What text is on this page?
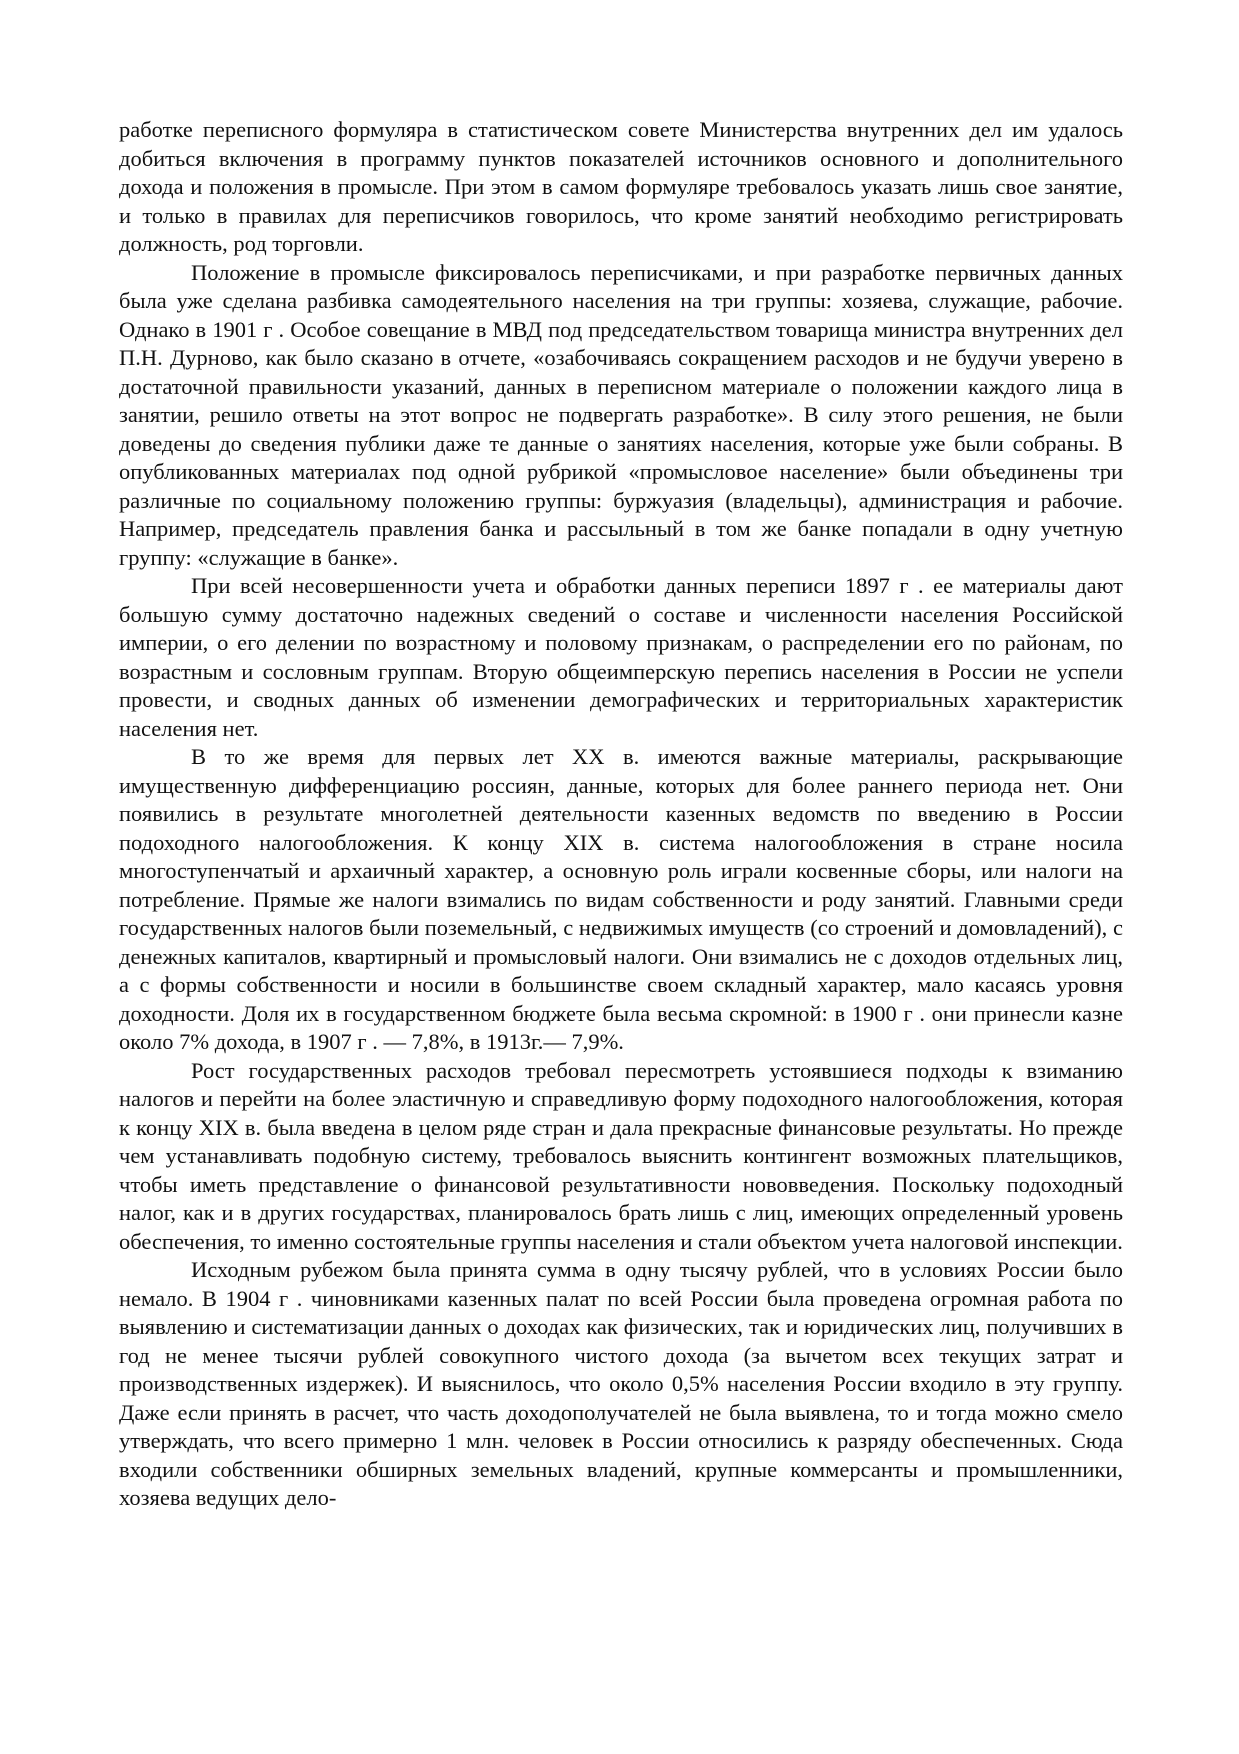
работке переписного формуляра в статистическом совете Министерства внутренних дел им удалось добиться включения в программу пунктов показателей источников основного и дополнительного дохода и положения в промысле. При этом в самом формуляре требовалось указать лишь свое занятие, и только в правилах для переписчиков говорилось, что кроме занятий необходимо регистрировать должность, род торговли.

Положение в промысле фиксировалось переписчиками, и при разработке первичных данных была уже сделана разбивка самодеятельного населения на три группы: хозяева, служащие, рабочие. Однако в 1901 г . Особое совещание в МВД под председательством товарища министра внутренних дел П.Н. Дурново, как было сказано в отчете, «озабочиваясь сокращением расходов и не будучи уверено в достаточной правильности указаний, данных в переписном материале о положении каждого лица в занятии, решило ответы на этот вопрос не подвергать разработке». В силу этого решения, не были доведены до сведения публики даже те данные о занятиях населения, которые уже были собраны. В опубликованных материалах под одной рубрикой «промысловое население» были объединены три различные по социальному положению группы: буржуазия (владельцы), администрация и рабочие. Например, председатель правления банка и рассыльный в том же банке попадали в одну учетную группу: «служащие в банке».

При всей несовершенности учета и обработки данных переписи 1897 г . ее материалы дают большую сумму достаточно надежных сведений о составе и численности населения Российской империи, о его делении по возрастному и половому признакам, о распределении его по районам, по возрастным и сословным группам. Вторую общеимперскую перепись населения в России не успели провести, и сводных данных об изменении демографических и территориальных характеристик населения нет.

В то же время для первых лет XX в. имеются важные материалы, раскрывающие имущественную дифференциацию россиян, данные, которых для более раннего периода нет. Они появились в результате многолетней деятельности казенных ведомств по введению в России подоходного налогообложения. К концу XIX в. система налогообложения в стране носила многоступенчатый и архаичный характер, а основную роль играли косвенные сборы, или налоги на потребление. Прямые же налоги взимались по видам собственности и роду занятий. Главными среди государственных налогов были поземельный, с недвижимых имуществ (со строений и домовладений), с денежных капиталов, квартирный и промысловый налоги. Они взимались не с доходов отдельных лиц, а с формы собственности и носили в большинстве своем складный характер, мало касаясь уровня доходности. Доля их в государственном бюджете была весьма скромной: в 1900 г . они принесли казне около 7% дохода, в 1907 г . — 7,8%, в 1913г.— 7,9%.

Рост государственных расходов требовал пересмотреть устоявшиеся подходы к взиманию налогов и перейти на более эластичную и справедливую форму подоходного налогообложения, которая к концу XIX в. была введена в целом ряде стран и дала прекрасные финансовые результаты. Но прежде чем устанавливать подобную систему, требовалось выяснить контингент возможных плательщиков, чтобы иметь представление о финансовой результативности нововведения. Поскольку подоходный налог, как и в других государствах, планировалось брать лишь с лиц, имеющих определенный уровень обеспечения, то именно состоятельные группы населения и стали объектом учета налоговой инспекции.

Исходным рубежом была принята сумма в одну тысячу рублей, что в условиях России было немало. В 1904 г . чиновниками казенных палат по всей России была проведена огромная работа по выявлению и систематизации данных о доходах как физических, так и юридических лиц, получивших в год не менее тысячи рублей совокупного чистого дохода (за вычетом всех текущих затрат и производственных издержек). И выяснилось, что около 0,5% населения России входило в эту группу. Даже если принять в расчет, что часть доходополучателей не была выявлена, то и тогда можно смело утверждать, что всего примерно 1 млн. человек в России относились к разряду обеспеченных. Сюда входили собственники обширных земельных владений, крупные коммерсанты и промышленники, хозяева ведущих дело-
